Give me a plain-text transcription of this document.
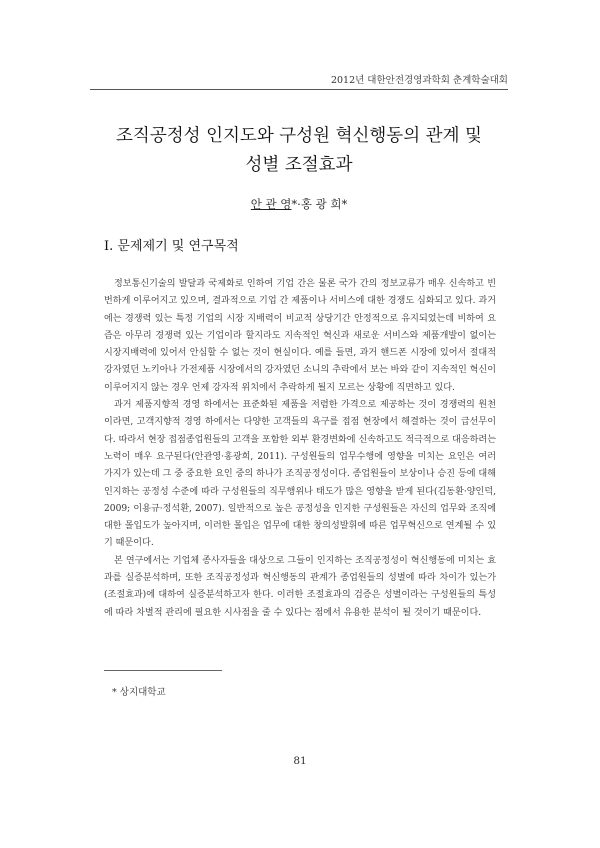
2012년 대한안전경영과학회 춘계학술대회
조직공정성 인지도와 구성원 혁신행동의 관계 및
성별 조절효과
안 관 영*·홍 광 희*
Ⅰ. 문제제기 및 연구목적

정보통신기술의 발달과 국제화로 인하여 기업 간은 물론 국가 간의 정보교류가 매우 신속하고 빈번하게 이루어지고 있으며, 결과적으로 기업 간 제품이나 서비스에 대한 경쟁도 심화되고 있다. 과거에는 경쟁력 있는 특정 기업의 시장 지배력이 비교적 상당기간 안정적으로 유지되었는데 비하여 요즘은 아무리 경쟁력 있는 기업이라 할지라도 지속적인 혁신과 새로운 서비스와 제품개발이 없이는 시장지배력에 있어서 안심할 수 없는 것이 현실이다. 예를 들면, 과거 핸드폰 시장에 있어서 절대적 강자였던 노키아나 가전제품 시장에서의 강자였던 소니의 추락에서 보는 바와 같이 지속적인 혁신이 이루어지지 않는 경우 언제 강자적 위치에서 추락하게 될지 모르는 상황에 직면하고 있다.

과거 제품지향적 경영 하에서는 표준화된 제품을 저렴한 가격으로 제공하는 것이 경쟁력의 원천이라면, 고객지향적 경영 하에서는 다양한 고객들의 욕구를 접점 현장에서 해결하는 것이 급선무이다. 따라서 현장 접점종업원들의 고객을 포함한 외부 환경변화에 신속하고도 적극적으로 대응하려는 노력이 매우 요구된다(안관영·홍광희, 2011). 구성원들의 업무수행에 영향을 미치는 요인은 여러 가지가 있는데 그 중 중요한 요인 중의 하나가 조직공정성이다. 종업원들이 보상이나 승진 등에 대해 인지하는 공정성 수준에 따라 구성원들의 직무행위나 태도가 많은 영향을 받게 된다(김동환·양인덕, 2009; 이용규·정석환, 2007). 일반적으로 높은 공정성을 인지한 구성원들은 자신의 업무와 조직에 대한 몰입도가 높아지며, 이러한 몰입은 업무에 대한 창의성발휘에 따른 업무혁신으로 연계될 수 있기 때문이다.

본 연구에서는 기업체 종사자들을 대상으로 그들이 인지하는 조직공정성이 혁신행동에 미치는 효과를 실증분석하며, 또한 조직공정성과 혁신행동의 관계가 종업원들의 성별에 따라 차이가 있는가(조절효과)에 대하여 실증분석하고자 한다. 이러한 조절효과의 검증은 성별이라는 구성원들의 특성에 따라 차별적 관리에 필요한 시사점을 줄 수 있다는 점에서 유용한 분석이 될 것이기 때문이다.

* 상지대학교
81
